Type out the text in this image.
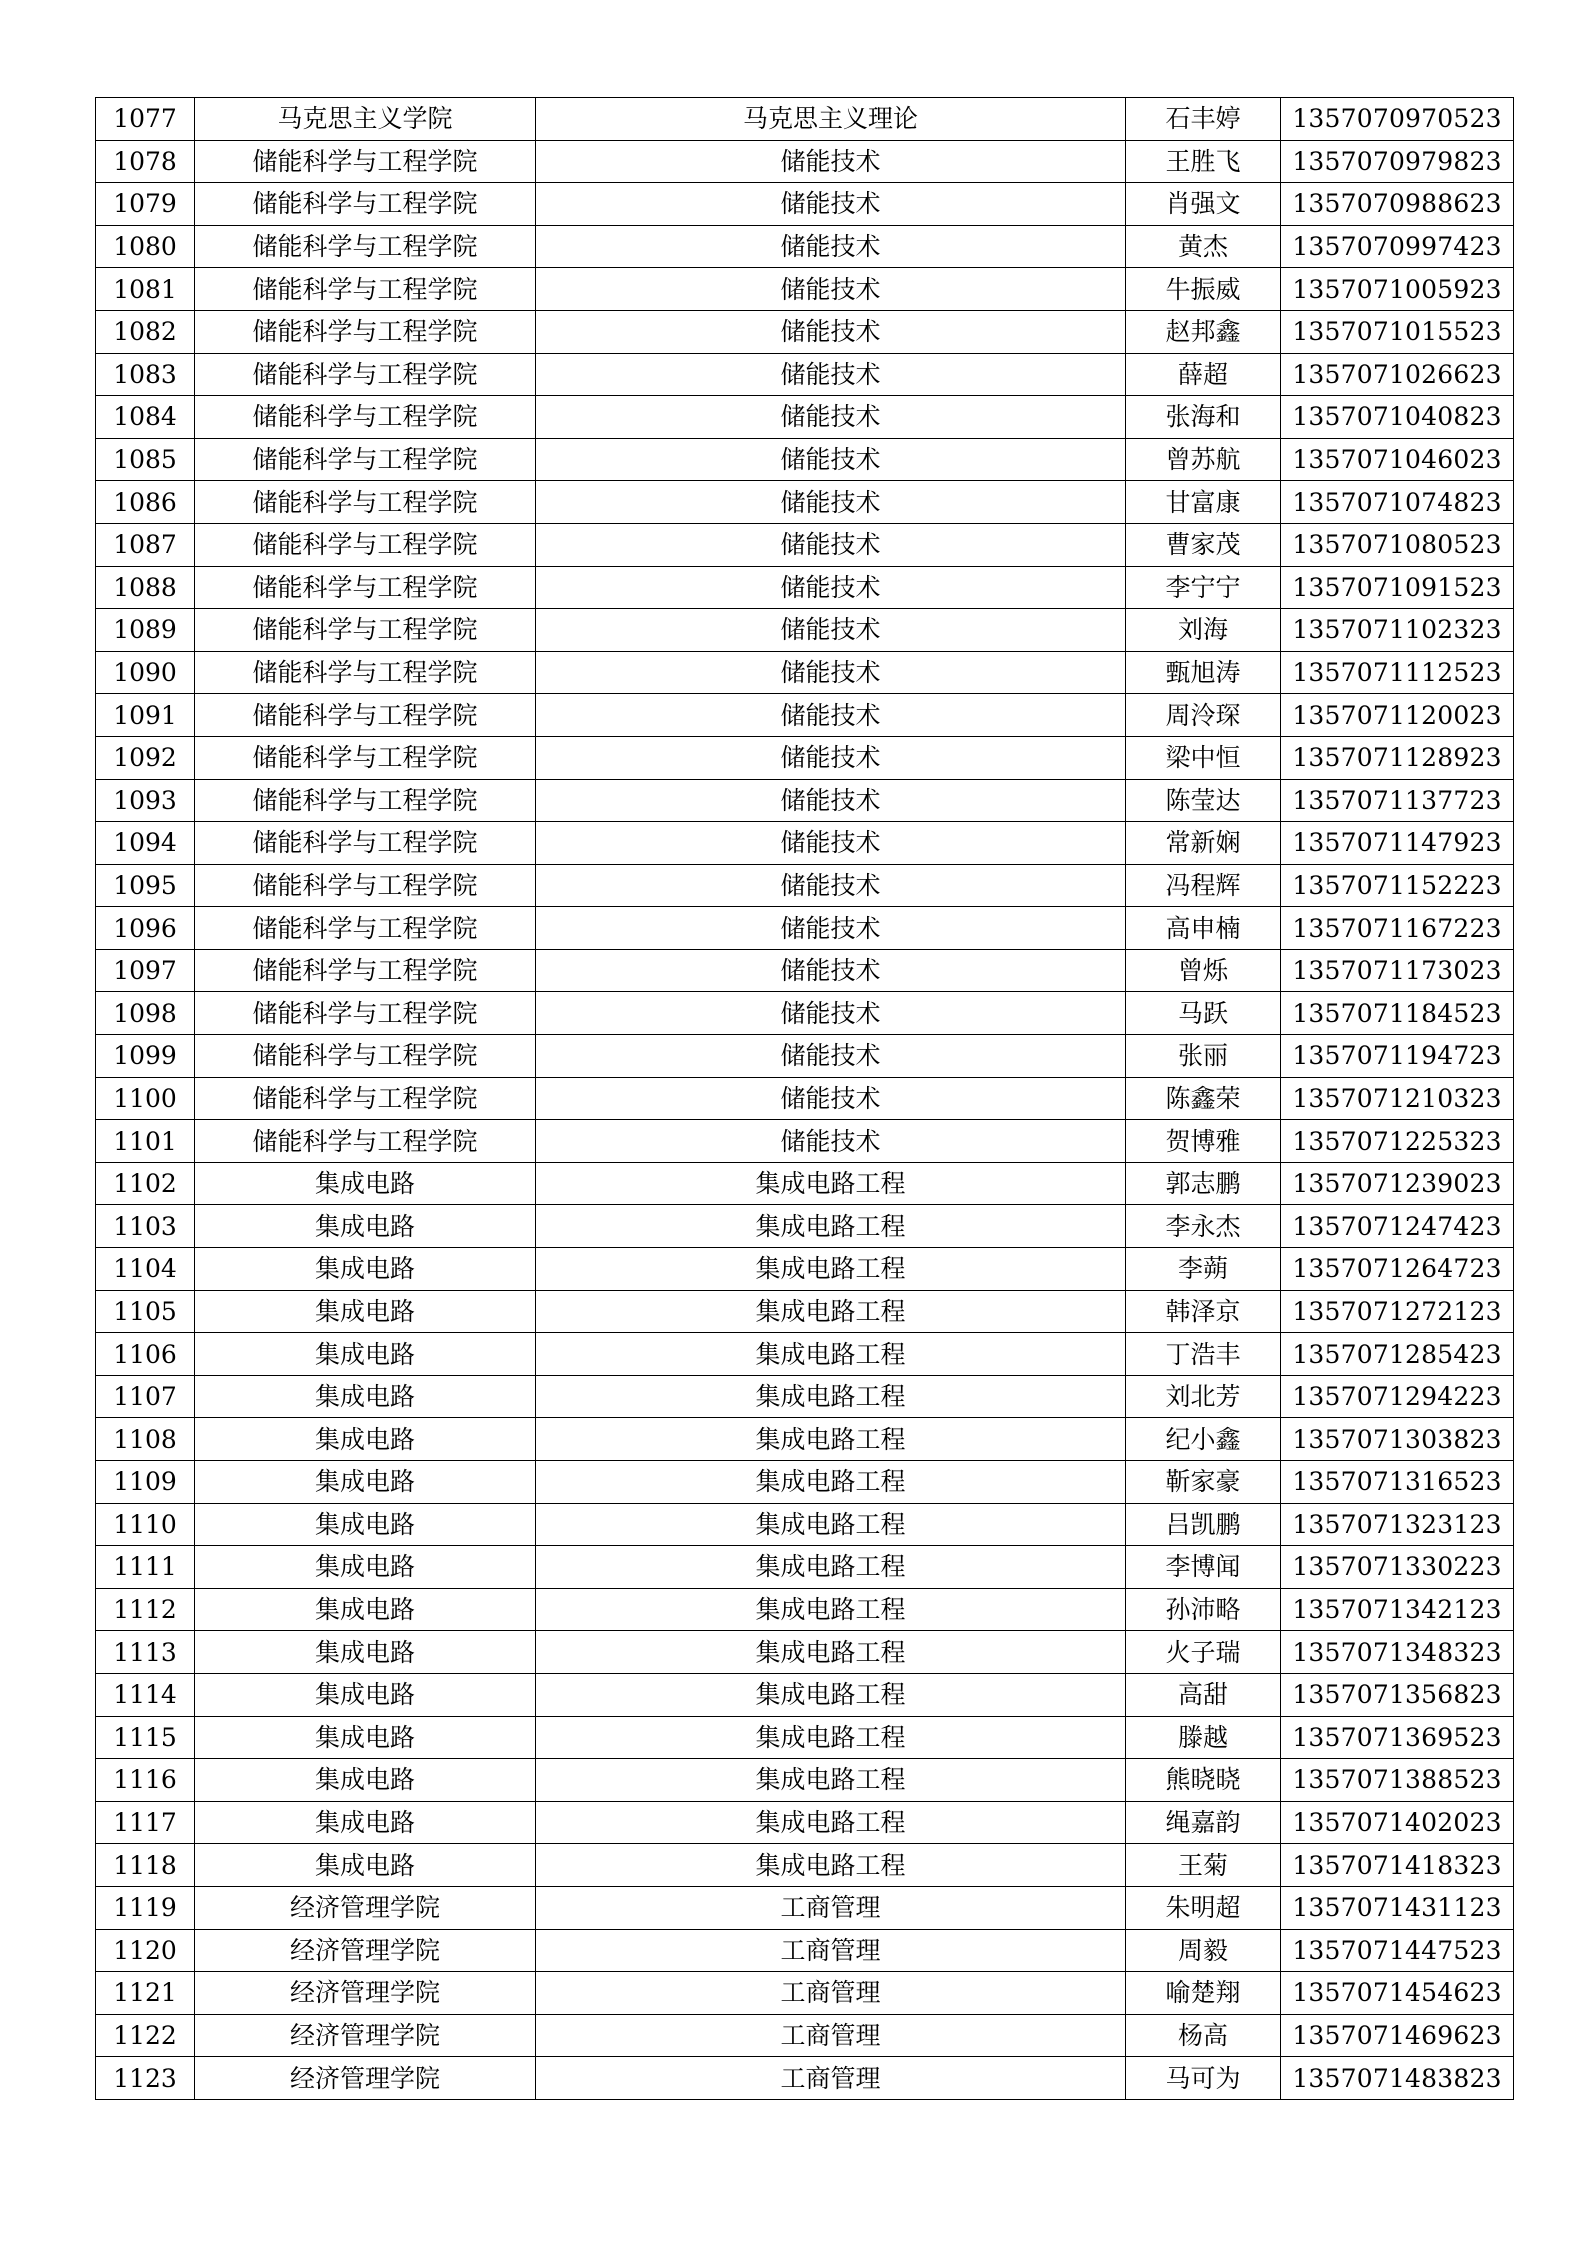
1077	马克思主义学院	马克思主义理论	石丰婷	1357070970523
1078	储能科学与工程学院	储能技术	王胜飞	1357070979823
1079	储能科学与工程学院	储能技术	肖强文	1357070988623
1080	储能科学与工程学院	储能技术	黄杰	1357070997423
1081	储能科学与工程学院	储能技术	牛振威	1357071005923
1082	储能科学与工程学院	储能技术	赵邦鑫	1357071015523
1083	储能科学与工程学院	储能技术	薛超	1357071026623
1084	储能科学与工程学院	储能技术	张海和	1357071040823
1085	储能科学与工程学院	储能技术	曾苏航	1357071046023
1086	储能科学与工程学院	储能技术	甘富康	1357071074823
1087	储能科学与工程学院	储能技术	曹家茂	1357071080523
1088	储能科学与工程学院	储能技术	李宁宁	1357071091523
1089	储能科学与工程学院	储能技术	刘海	1357071102323
1090	储能科学与工程学院	储能技术	甄旭涛	1357071112523
1091	储能科学与工程学院	储能技术	周泠琛	1357071120023
1092	储能科学与工程学院	储能技术	梁中恒	1357071128923
1093	储能科学与工程学院	储能技术	陈莹达	1357071137723
1094	储能科学与工程学院	储能技术	常新娴	1357071147923
1095	储能科学与工程学院	储能技术	冯程辉	1357071152223
1096	储能科学与工程学院	储能技术	高申楠	1357071167223
1097	储能科学与工程学院	储能技术	曾烁	1357071173023
1098	储能科学与工程学院	储能技术	马跃	1357071184523
1099	储能科学与工程学院	储能技术	张丽	1357071194723
1100	储能科学与工程学院	储能技术	陈鑫荣	1357071210323
1101	储能科学与工程学院	储能技术	贺博雅	1357071225323
1102	集成电路	集成电路工程	郭志鹏	1357071239023
1103	集成电路	集成电路工程	李永杰	1357071247423
1104	集成电路	集成电路工程	李蒴	1357071264723
1105	集成电路	集成电路工程	韩泽京	1357071272123
1106	集成电路	集成电路工程	丁浩丰	1357071285423
1107	集成电路	集成电路工程	刘北芳	1357071294223
1108	集成电路	集成电路工程	纪小鑫	1357071303823
1109	集成电路	集成电路工程	靳家豪	1357071316523
1110	集成电路	集成电路工程	吕凯鹏	1357071323123
1111	集成电路	集成电路工程	李博闻	1357071330223
1112	集成电路	集成电路工程	孙沛略	1357071342123
1113	集成电路	集成电路工程	火子瑞	1357071348323
1114	集成电路	集成电路工程	高甜	1357071356823
1115	集成电路	集成电路工程	滕越	1357071369523
1116	集成电路	集成电路工程	熊晓晓	1357071388523
1117	集成电路	集成电路工程	绳嘉韵	1357071402023
1118	集成电路	集成电路工程	王菊	1357071418323
1119	经济管理学院	工商管理	朱明超	1357071431123
1120	经济管理学院	工商管理	周毅	1357071447523
1121	经济管理学院	工商管理	喻楚翔	1357071454623
1122	经济管理学院	工商管理	杨高	1357071469623
1123	经济管理学院	工商管理	马可为	1357071483823
